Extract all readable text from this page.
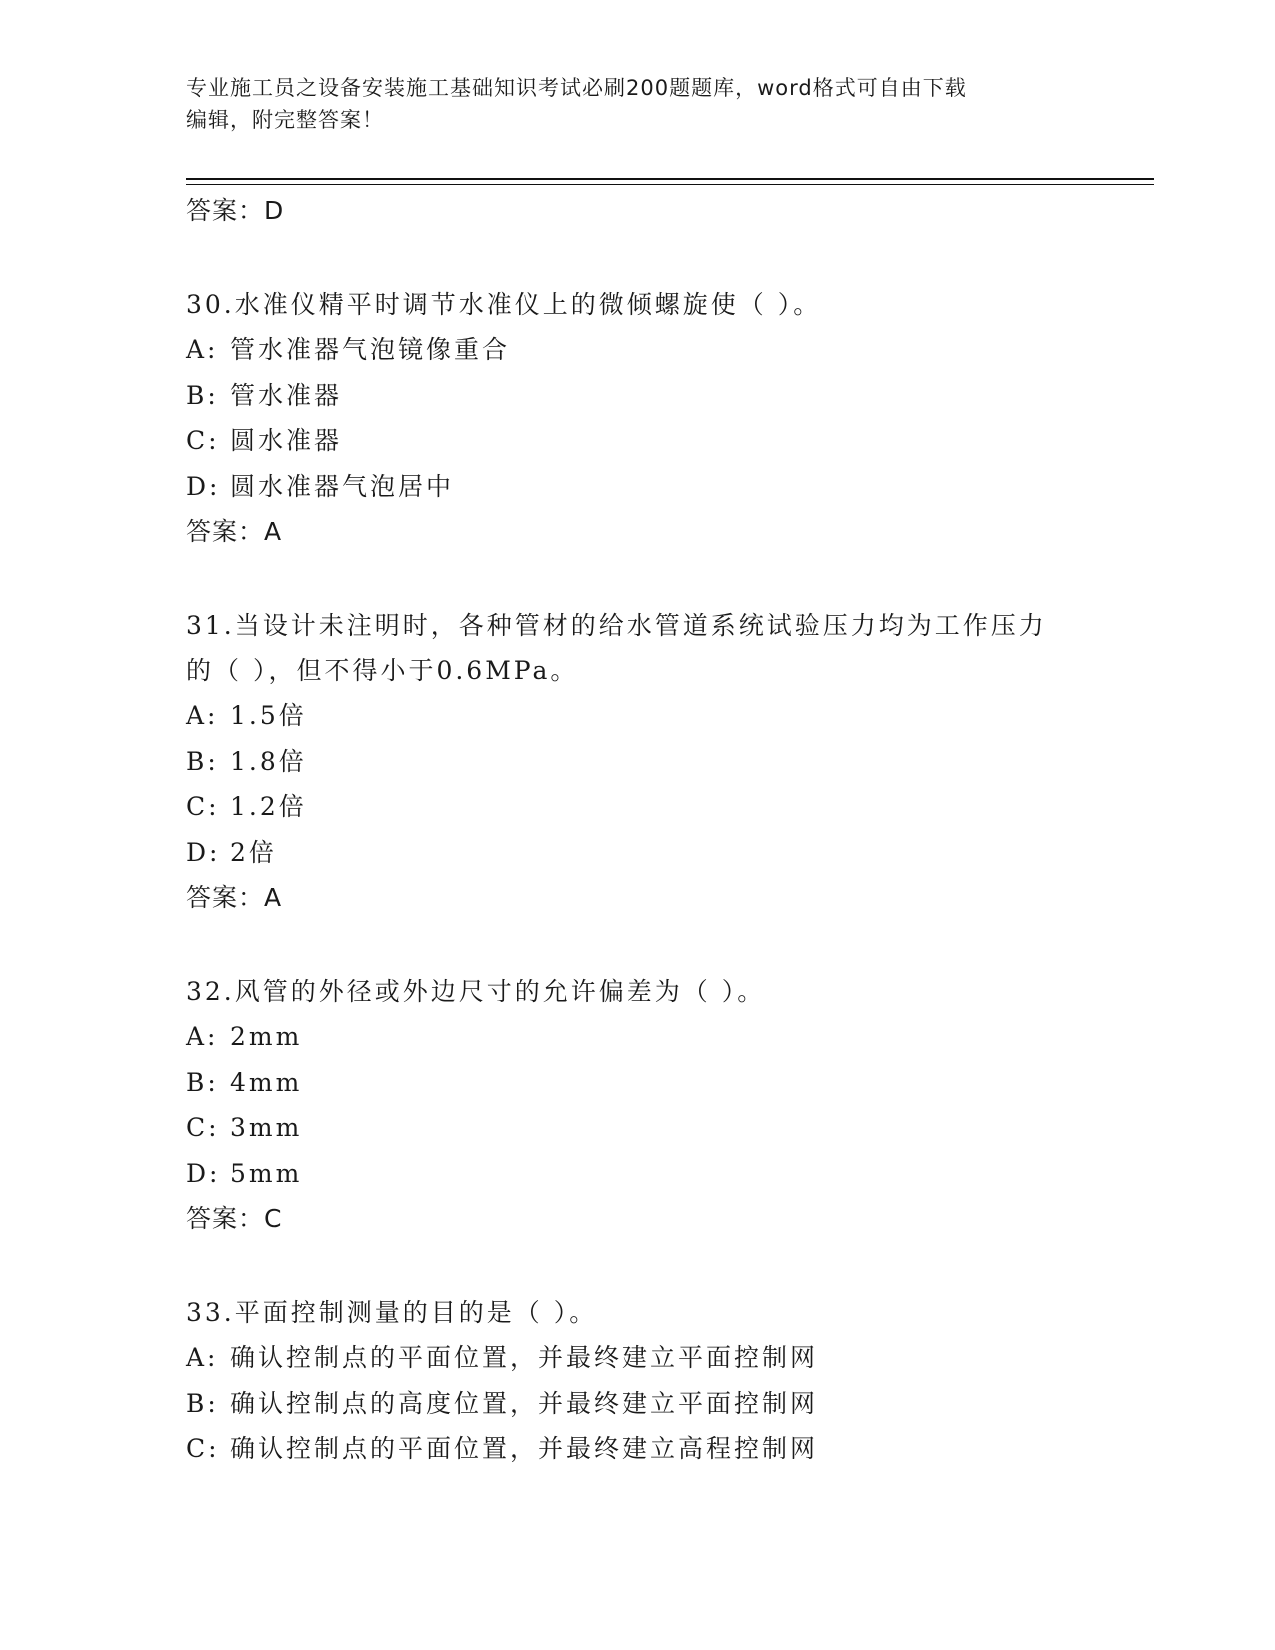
专业施工员之设备安装施工基础知识考试必刷200题题库，word格式可自由下载
编辑，附完整答案！
答案：D
30.水准仪精平时调节水准仪上的微倾螺旋使（ ）。
A: 管水准器气泡镜像重合
B: 管水准器
C: 圆水准器
D: 圆水准器气泡居中
答案：A
31.当设计未注明时，各种管材的给水管道系统试验压力均为工作压力
的（ ），但不得小于0.6MPa。
A: 1.5倍
B: 1.8倍
C: 1.2倍
D: 2倍
答案：A
32.风管的外径或外边尺寸的允许偏差为（ ）。
A: 2mm
B: 4mm
C: 3mm
D: 5mm
答案：C
33.平面控制测量的目的是（ ）。
A: 确认控制点的平面位置，并最终建立平面控制网
B: 确认控制点的高度位置，并最终建立平面控制网
C: 确认控制点的平面位置，并最终建立高程控制网
